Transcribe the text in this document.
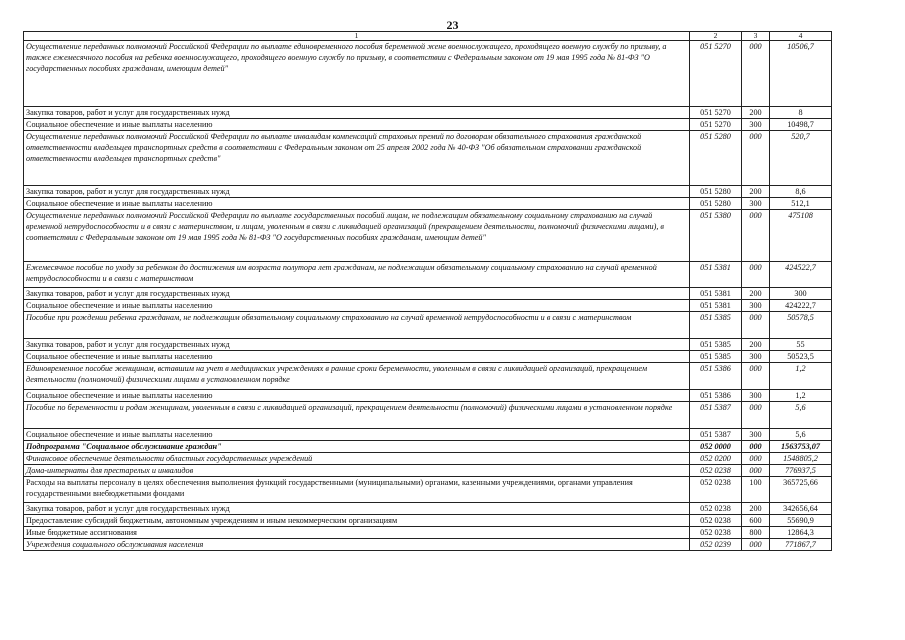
23
1	2	3	4
Осуществление переданных полномочий Российской Федерации по выплате единовременного пособия беременной жене военнослужащего, проходящего военную службу по призыву, а также ежемесячного пособия на ребенка военнослужащего, проходящего военную службу по призыву, в соответствии с Федеральным законом от 19 мая 1995 года № 81-ФЗ "О государственных пособиях гражданам, имеющим детей"	051 5270	000	10506,7
Закупка товаров, работ и услуг для государственных нужд	051 5270	200	8
Социальное обеспечение и иные выплаты населению	051 5270	300	10498,7
Осуществление переданных полномочий Российской Федерации по выплате инвалидам компенсаций страховых премий по договорам обязательного страхования гражданской ответственности владельцев транспортных средств в соответствии с Федеральным законом от 25 апреля 2002 года № 40-ФЗ "Об обязательном страховании гражданской ответственности владельцев транспортных средств"	051 5280	000	520,7
Закупка товаров, работ и услуг для государственных нужд	051 5280	200	8,6
Социальное обеспечение и иные выплаты населению	051 5280	300	512,1
Осуществление переданных полномочий Российской Федерации по выплате государственных пособий лицам, не подлежащим обязательному социальному страхованию на случай временной нетрудоспособности и в связи с материнством, и лицам, уволенным в связи с ликвидацией организаций (прекращением деятельности, полномочий физическими лицами), в соответствии с Федеральным законом от 19 мая 1995 года № 81-ФЗ "О государственных пособиях гражданам, имеющим детей"	051 5380	000	475108
Ежемесячное пособие по уходу за ребенком до достижения им возраста полутора лет гражданам, не подлежащим обязательному социальному страхованию на случай временной нетрудоспособности и в связи с материнством	051 5381	000	424522,7
Закупка товаров, работ и услуг для государственных нужд	051 5381	200	300
Социальное обеспечение и иные выплаты населению	051 5381	300	424222,7
Пособие при рождении ребенка гражданам, не подлежащим обязательному социальному страхованию на случай временной нетрудоспособности и в связи с материнством	051 5385	000	50578,5
Закупка товаров, работ и услуг для государственных нужд	051 5385	200	55
Социальное обеспечение и иные выплаты населению	051 5385	300	50523,5
Единовременное пособие женщинам, вставшим на учет в медицинских учреждениях в ранние сроки беременности, уволенным в связи с ликвидацией организаций, прекращением деятельности (полномочий) физическими лицами в установленном порядке	051 5386	000	1,2
Социальное обеспечение и иные выплаты населению	051 5386	300	1,2
Пособие по беременности и родам женщинам, уволенным в связи с ликвидацией организаций, прекращением деятельности (полномочий) физическими лицами в установленном порядке	051 5387	000	5,6
Социальное обеспечение и иные выплаты населению	051 5387	300	5,6
Подпрограмма "Социальное обслуживание граждан"	052 0000	000	1563753,07
Финансовое обеспечение деятельности областных государственных учреждений	052 0200	000	1548805,2
Дома-интернаты для престарелых и инвалидов	052 0238	000	776937,5
Расходы на выплаты персоналу в целях обеспечения выполнения функций государственными (муниципальными) органами, казенными учреждениями, органами управления государственными внебюджетными фондами	052 0238	100	365725,66
Закупка товаров, работ и услуг для государственных нужд	052 0238	200	342656,64
Предоставление субсидий бюджетным, автономным учреждениям и иным некоммерческим организациям	052 0238	600	55690,9
Иные бюджетные ассигнования	052 0238	800	12864,3
Учреждения социального обслуживания населения	052 0239	000	771867,7
